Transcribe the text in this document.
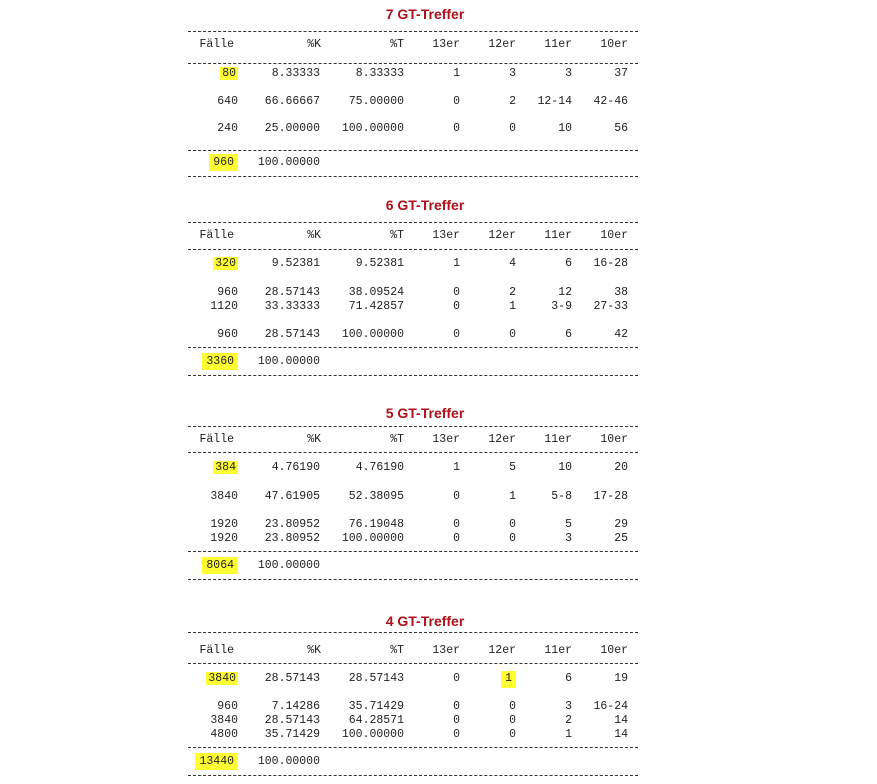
7 GT-Treffer
Fälle	%K	%T 13er 12er 11er 10er
80	8.33333	8.33333	1	3	3	37
640 66.66667	75.00000	0	2 12-14 42-46
240 25.00000 100.00000	0	0	10	56
960	100.00000
6 GT-Treffer
Fälle	%K	%T 13er 12er 11er 10er
320	9.52381	9.52381	1	4	6 16-28
960 28.57143	38.09524	0	2	12	38
1120 33.33333	71.42857	0	1	3-9 27-33
960 28.57143 100.00000	0	0	6	42
3360	100.00000
5 GT-Treffer
Fälle	%K	%T 13er 12er 11er 10er
384	4.76190	4.76190	1	5	10	20
3840 47.61905	52.38095	0	1	5-8 17-28
1920 23.80952	76.19048	0	0	5	29
1920 23.80952 100.00000	0	0	3	25
8064	100.00000
4 GT-Treffer
Fälle	%K	%T 13er 12er 11er 10er
3840	28.57143	28.57143	0	1	6	19
960	7.14286	35.71429	0	0	3 16-24
3840 28.57143	64.28571	0	0	2	14
4800 35.71429 100.00000	0	0	1	14
13440	100.00000
